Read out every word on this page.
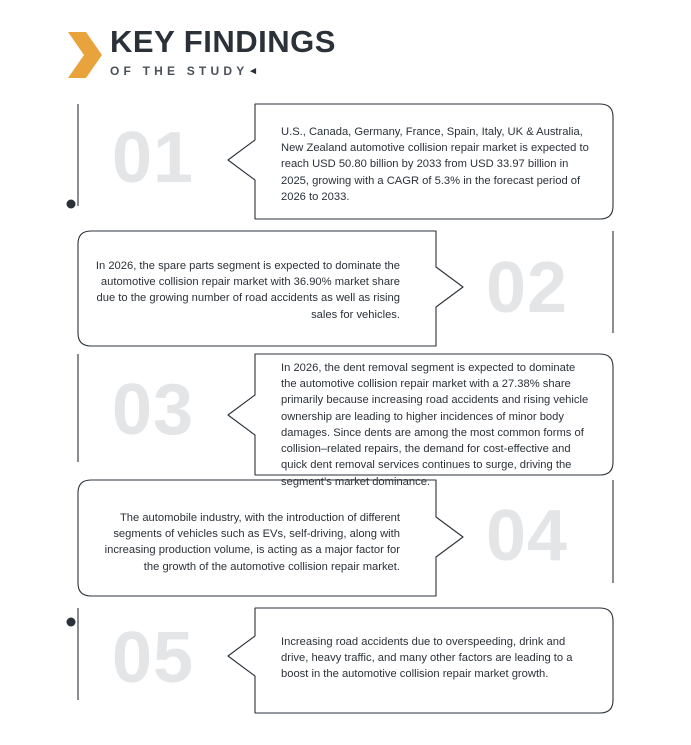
KEY FINDINGS
OF THE STUDY ◂
01	U.S., Canada, Germany, France, Spain, Italy, UK & Australia, New Zealand automotive collision repair market is expected to reach USD 50.80 billion by 2033 from USD 33.97 billion in 2025, growing with a CAGR of 5.3% in the forecast period of 2026 to 2033.
02
In 2026, the spare parts segment is expected to dominate the automotive collision repair market with 36.90% market share due to the growing number of road accidents as well as rising sales for vehicles.
03
In 2026, the dent removal segment is expected to dominate the automotive collision repair market with a 27.38% share primarily because increasing road accidents and rising vehicle ownership are leading to higher incidences of minor body damages. Since dents are among the most common forms of collision–related repairs, the demand for cost-effective and quick dent removal services continues to surge, driving the segment’s market dominance.
04
The automobile industry, with the introduction of different segments of vehicles such as EVs, self-driving, along with increasing production volume, is acting as a major factor for the growth of the automotive collision repair market.
05	Increasing road accidents due to overspeeding, drink and drive, heavy traffic, and many other factors are leading to a boost in the automotive collision repair market growth.
